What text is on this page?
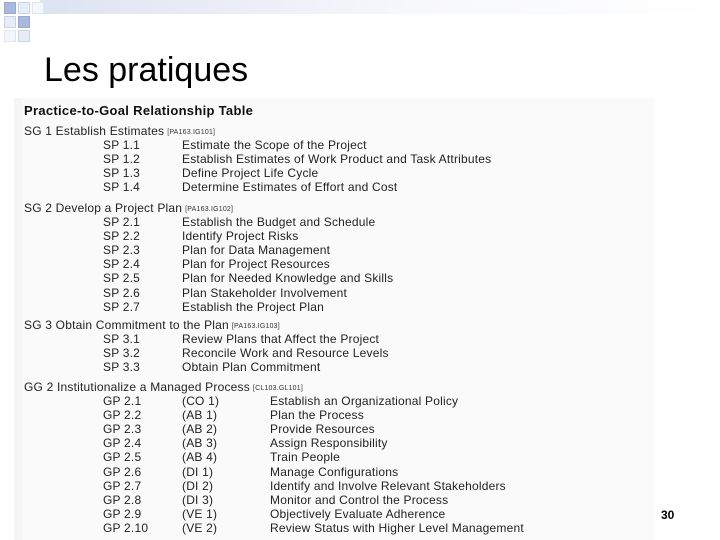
Les pratiques
Practice-to-Goal Relationship Table
SG 1 Establish Estimates [PA163.IG101]
SP 1.1	Estimate the Scope of the Project
SP 1.2	Establish Estimates of Work Product and Task Attributes
SP 1.3	Define Project Life Cycle
SP 1.4	Determine Estimates of Effort and Cost
SG 2 Develop a Project Plan [PA163.IG102]
SP 2.1	Establish the Budget and Schedule
SP 2.2	Identify Project Risks
SP 2.3	Plan for Data Management
SP 2.4	Plan for Project Resources
SP 2.5	Plan for Needed Knowledge and Skills
SP 2.6	Plan Stakeholder Involvement
SP 2.7	Establish the Project Plan
SG 3 Obtain Commitment to the Plan [PA163.IG103]
SP 3.1	Review Plans that Affect the Project
SP 3.2	Reconcile Work and Resource Levels
SP 3.3	Obtain Plan Commitment
GG 2 Institutionalize a Managed Process [CL103.GL101]
GP 2.1	(CO 1)	Establish an Organizational Policy
GP 2.2	(AB 1)	Plan the Process
GP 2.3	(AB 2)	Provide Resources
GP 2.4	(AB 3)	Assign Responsibility
GP 2.5	(AB 4)	Train People
GP 2.6	(DI 1)	Manage Configurations
GP 2.7	(DI 2)	Identify and Involve Relevant Stakeholders
GP 2.8	(DI 3)	Monitor and Control the Process
GP 2.9	(VE 1)	Objectively Evaluate Adherence
GP 2.10	(VE 2)	Review Status with Higher Level Management
30
